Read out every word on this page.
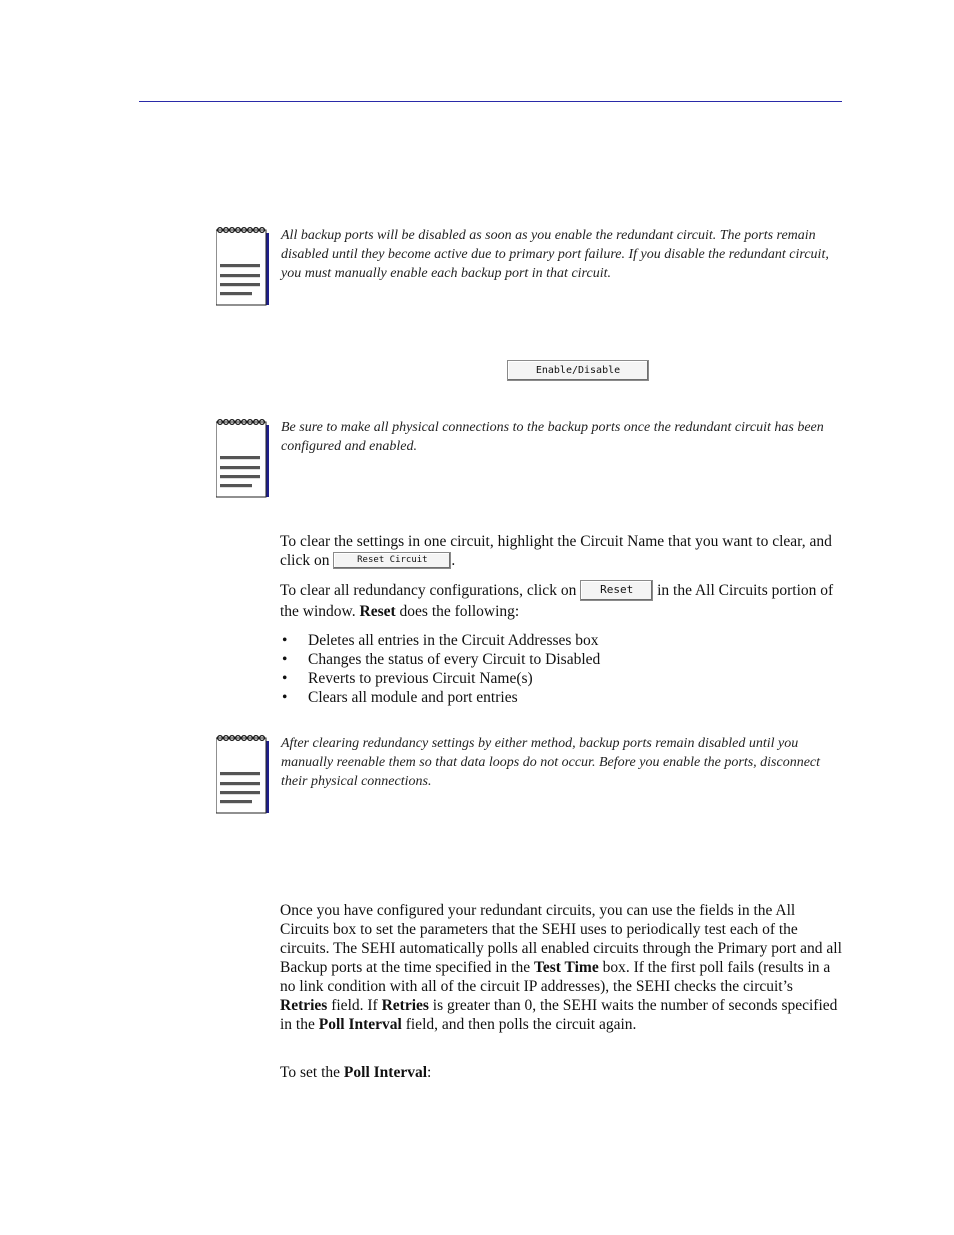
All backup ports will be disabled as soon as you enable the redundant circuit. The ports remain disabled until they become active due to primary port failure. If you disable the redundant circuit, you must manually enable each backup port in that circuit.
Enable/Disable
Be sure to make all physical connections to the backup ports once the redundant circuit has been configured and enabled.
To clear the settings in one circuit, highlight the Circuit Name that you want to clear, and click on	Reset Circuit .
To clear all redundancy configurations, click on Reset in the All Circuits portion of the window. Reset does the following:
• Deletes all entries in the Circuit Addresses box
• Changes the status of every Circuit to Disabled
• Reverts to previous Circuit Name(s)
• Clears all module and port entries
After clearing redundancy settings by either method, backup ports remain disabled until you manually reenable them so that data loops do not occur. Before you enable the ports, disconnect their physical connections.
Once you have configured your redundant circuits, you can use the fields in the All Circuits box to set the parameters that the SEHI uses to periodically test each of the circuits. The SEHI automatically polls all enabled circuits through the Primary port and all Backup ports at the time specified in the Test Time box. If the first poll fails (results in a no link condition with all of the circuit IP addresses), the SEHI checks the circuit’s Retries field. If Retries is greater than 0, the SEHI waits the number of seconds specified in the Poll Interval field, and then polls the circuit again.
To set the Poll Interval:
